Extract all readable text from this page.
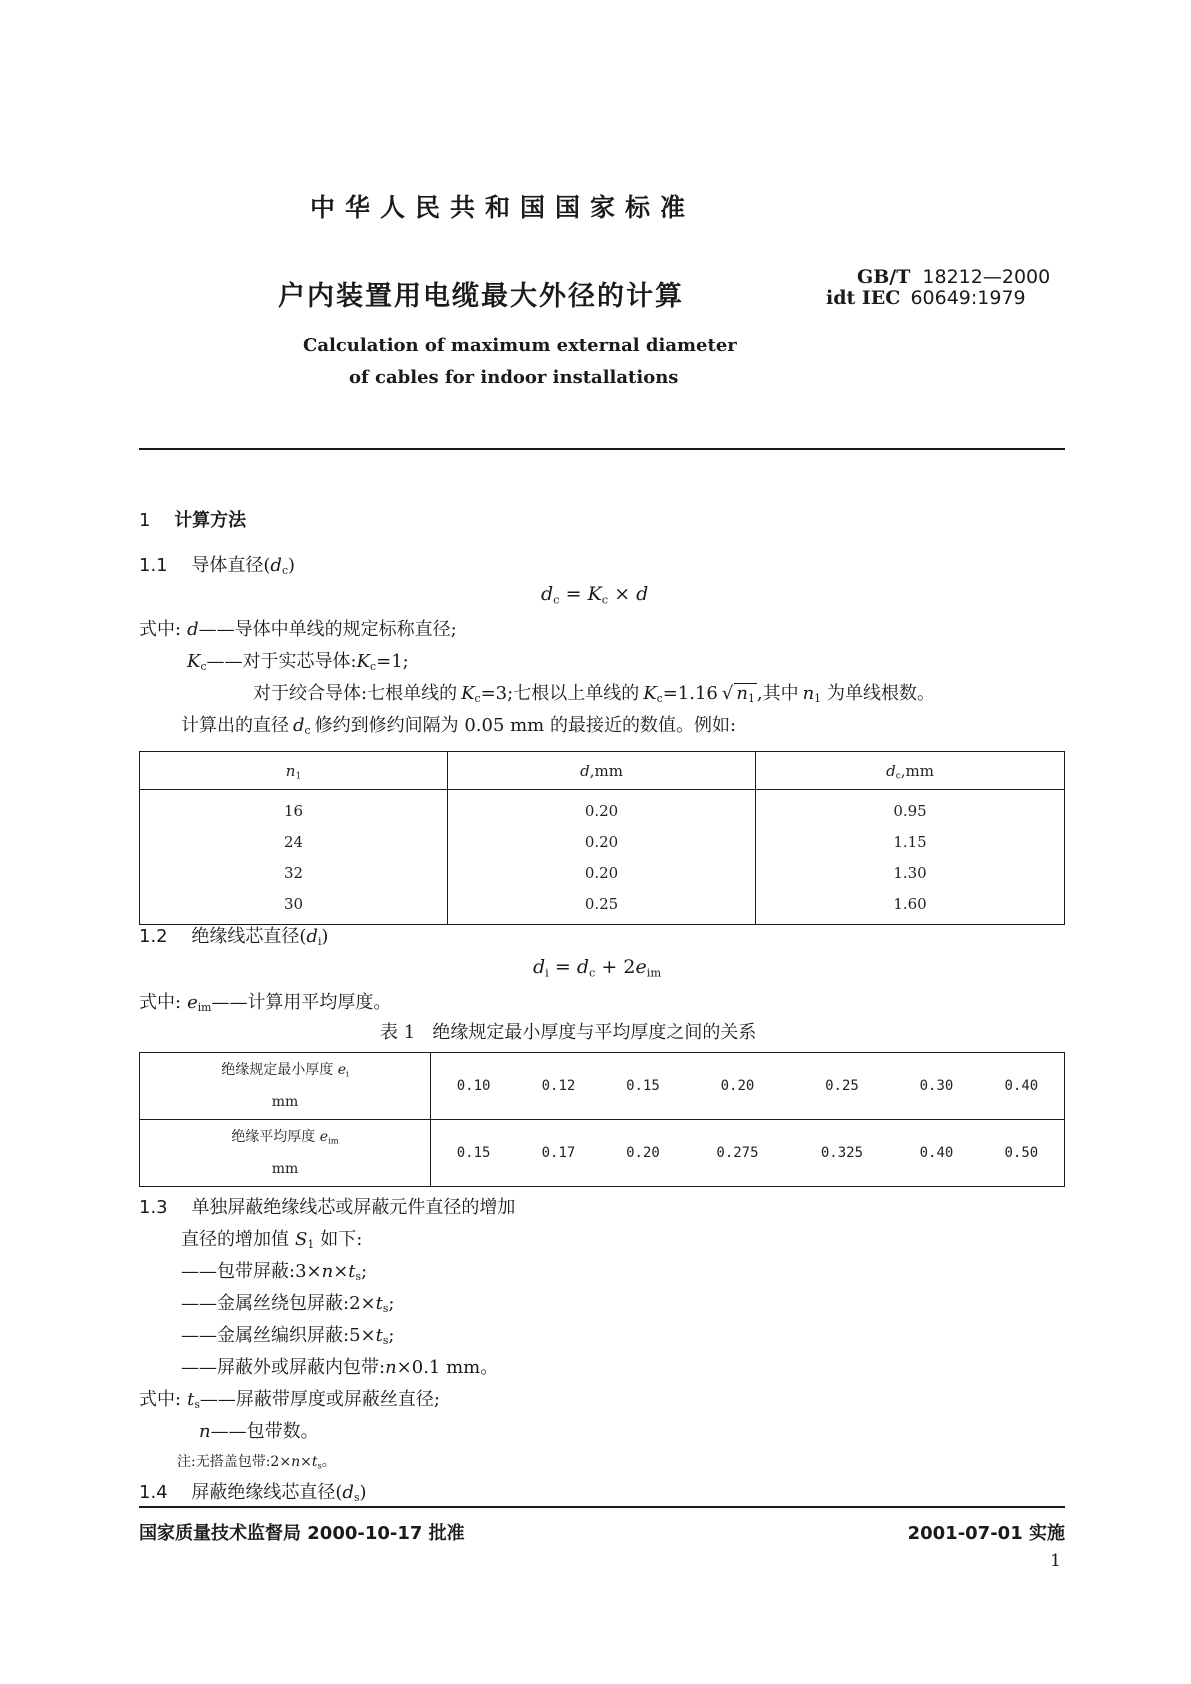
中华人民共和国国家标准
户内装置用电缆最大外径的计算
GB/T 18212—2000
idt IEC 60649:1979
Calculation of maximum external diameter
of cables for indoor installations
1 计算方法
1.1 导体直径$(d_c)$
$d_c = K_c \times d$
式中: d——导体中单线的规定标称直径;
$K_c——$对于实芯导体$:K_c=1$;
对于绞合导体:七根单线的 $K_c=3$;七根以上单线的 $K_c=1.16$ √ $n_1$ ,其中 $n_1$ 为单线根数。
计算出的直径 $d_c$ 修约到修约间隔为 0.05 mm 的最接近的数值。例如:
$n_1$	d,mm	$d_c,mm$
16	0.20	0.95
24	0.20	1.15
32	0.20	1.30
30	0.25	1.60
1.2 绝缘线芯直径$(d_i)$
$d_i = d_c + 2e_{im}$
式中: $e_{im}——$计算用平均厚度。
表 1   绝缘规定最小厚度与平均厚度之间的关系
绝缘规定最小厚度 $e_i$
mm	0.10	0.12	0.15	0.20	0.25	0.30	0.40
绝缘平均厚度 $e_{im}$
mm	0.15	0.17	0.20	0.275	0.325	0.40	0.50
1.3 单独屏蔽绝缘线芯或屏蔽元件直径的增加
直径的增加值 $S_1$ 如下:
——包带屏蔽$:3\times n\times t_s$;
——金属丝绕包屏蔽$:2\times t_s$;
——金属丝编织屏蔽$:5\times t_s$;
——屏蔽外或屏蔽内包带:n×0.1 mm。
式中: $t_s——$屏蔽带厚度或屏蔽丝直径;
n——包带数。
注:无搭盖包带$:2\times n\times t_s$。
1.4 屏蔽绝缘线芯直径$(d_s)$
国家质量技术监督局 2000-10-17 批准	2001-07-01 实施
1
